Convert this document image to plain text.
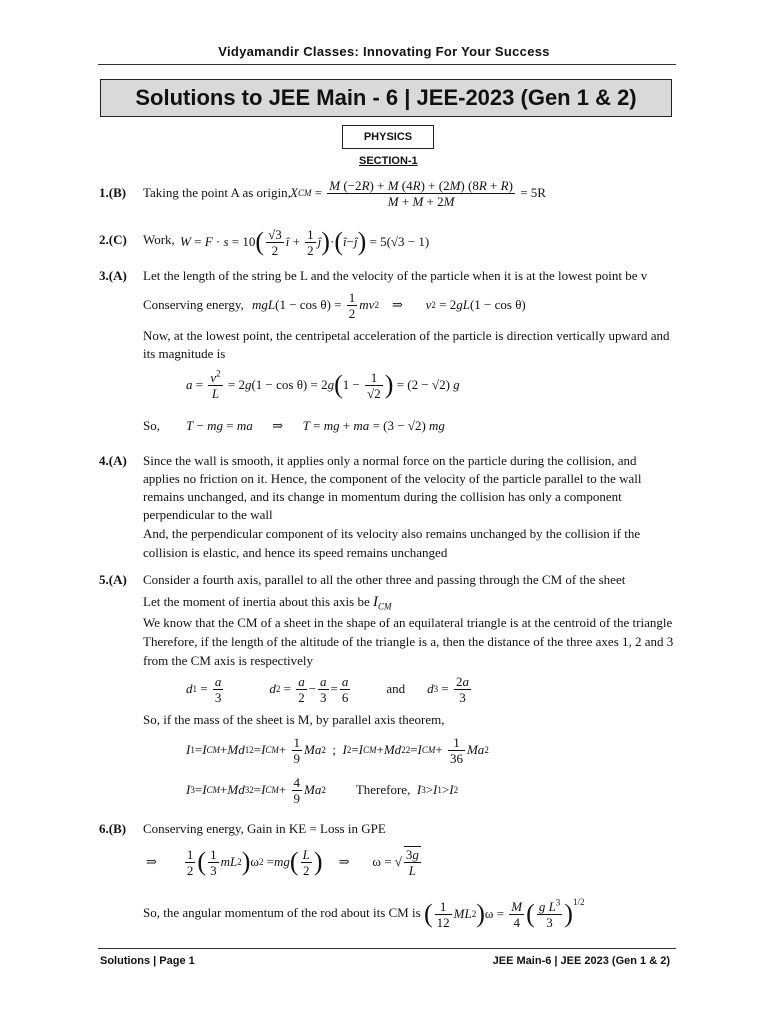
Vidyamandir Classes: Innovating For Your Success
Solutions to JEE Main - 6 | JEE-2023 (Gen 1 & 2)
PHYSICS
SECTION-1
1.(B) Taking the point A as origin, X CM = $\frac{M (-2R) + M (4R) + (2M) (8R + R)}{M + M + 2M}$
= 5R
2.(C) Work, W = F · s = 10 ( $\frac{√3}{2}$ î + $\frac{1}{2}$ ĵ ) · ( î − ĵ ) = 5(√3 − 1)
3.(A) Let the length of the string be L and the velocity of the particle when it is at the lowest point be v
Conserving energy, mgL $(1 - \cos \theta) = \frac{1}{2}$ mv 2 ⇒ v 2 = 2 gL (1 − cos θ)
Now, at the lowest point, the centripetal acceleration of the particle is direction vertically upward and
its magnitude is
$a = \frac{v^2}{L} = 2$ g (1 − cos θ) = 2 g ( $1 - \frac{1}{√2}$ ) = (2 − √2) g
So, T − mg = ma      ⇒      T = mg + ma = (3 − √2) mg
4.(A) Since the wall is smooth, it applies only a normal force on the particle during the collision, and
applies no friction on it. Hence, the component of the velocity of the particle parallel to the wall
remains unchanged, and its change in momentum during the collision has only a component
perpendicular to the wall
And, the perpendicular component of its velocity also remains unchanged by the collision if the
collision is elastic, and hence its speed remains unchanged
5.(A) Consider a fourth axis, parallel to all the other three and passing through the CM of the sheet
Let the moment of inertia about this axis be $I_{CM}$
We know that the CM of a sheet in the shape of an equilateral triangle is at the centroid of the triangle
Therefore, if the length of the altitude of the triangle is a, then the distance of the three axes 1, 2 and 3
from the CM axis is respectively
d $1 = \frac{a}{3}$	d $2 = \frac{a}{2} - \frac{a}{3} = \frac{a}{6}$	and d $3 = \frac{2a}{3}$
So, if the mass of the sheet is M, by parallel axis theorem,
I 1 = I CM + Md 1 2 = I CM + $\frac{1}{9}$ Ma 2 ; I 2 = I CM + Md 2 2 = I CM + $\frac{1}{36}$ Ma 2
I 3 = I CM + Md 3 2 = I CM + $\frac{4}{9}$ Ma 2 Therefore,
I 3 > I 1 > I 2
6.(B) Conserving energy, Gain in KE = Loss in GPE
⇒ $\frac{1}{2}$ ( $\frac{1}{3}$ mL 2 ) ω 2 = mg ( $\frac{L}{2}$ ) ⇒       ω = √ $\frac{3g}{L}$
So, the angular momentum of the rod about its CM is ( $\frac{1}{12}$ ML 2 ) $\omega = \frac{M}{4}$ ( $\frac{g L^3}{3} )^{1/2}$
Solutions | Page 1	JEE Main-6 | JEE 2023 (Gen 1 & 2)
